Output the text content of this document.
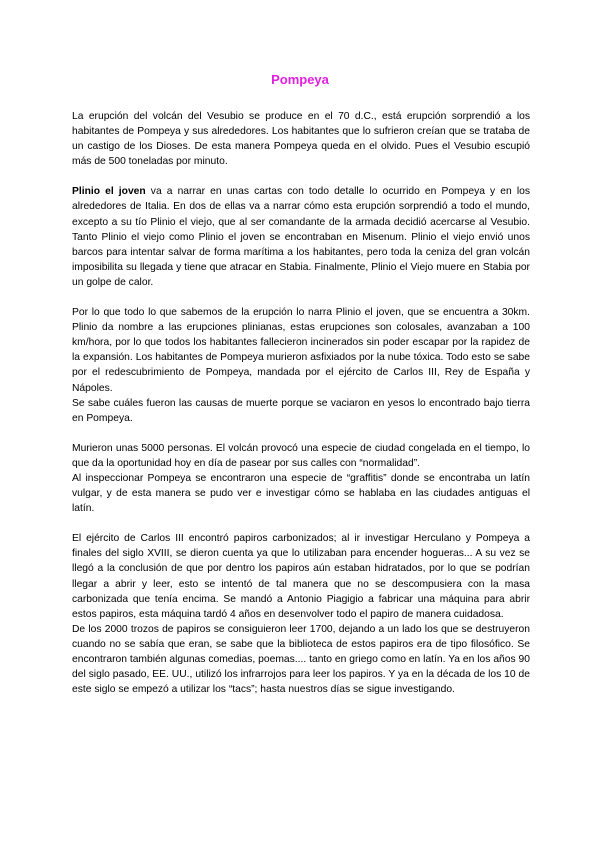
Pompeya

La erupción del volcán del Vesubio se produce en el 70 d.C., está erupción sorprendió a los habitantes de Pompeya y sus alrededores. Los habitantes que lo sufrieron creían que se trataba de un castigo de los Dioses. De esta manera Pompeya queda en el olvido. Pues el Vesubio escupió más de 500 toneladas por minuto.

Plinio el joven va a narrar en unas cartas con todo detalle lo ocurrido en Pompeya y en los alrededores de Italia. En dos de ellas va a narrar cómo esta erupción sorprendió a todo el mundo, excepto a su tío Plinio el viejo, que al ser comandante de la armada decidió acercarse al Vesubio. Tanto Plinio el viejo como Plinio el joven se encontraban en Misenum. Plinio el viejo envió unos barcos para intentar salvar de forma marítima a los habitantes, pero toda la ceniza del gran volcán imposibilita su llegada y tiene que atracar en Stabia. Finalmente, Plinio el Viejo muere en Stabia por un golpe de calor.

Por lo que todo lo que sabemos de la erupción lo narra Plinio el joven, que se encuentra a 30km. Plinio da nombre a las erupciones plinianas, estas erupciones son colosales, avanzaban a 100 km/hora, por lo que todos los habitantes fallecieron incinerados sin poder escapar por la rapidez de la expansión. Los habitantes de Pompeya murieron asfixiados por la nube tóxica. Todo esto se sabe por el redescubrimiento de Pompeya, mandada por el ejército de Carlos III, Rey de España y Nápoles.

Se sabe cuáles fueron las causas de muerte porque se vaciaron en yesos lo encontrado bajo tierra en Pompeya.

Murieron unas 5000 personas. El volcán provocó una especie de ciudad congelada en el tiempo, lo que da la oportunidad hoy en día de pasear por sus calles con “normalidad”.

Al inspeccionar Pompeya se encontraron una especie de “graffitis” donde se encontraba un latín vulgar, y de esta manera se pudo ver e investigar cómo se hablaba en las ciudades antiguas el latín.

El ejército de Carlos III encontró papiros carbonizados; al ir investigar Herculano y Pompeya a finales del siglo XVIII, se dieron cuenta ya que lo utilizaban para encender hogueras... A su vez se llegó a la conclusión de que por dentro los papiros aún estaban hidratados, por lo que se podrían llegar a abrir y leer, esto se intentó de tal manera que no se descompusiera con la masa carbonizada que tenía encima. Se mandó a Antonio Piagigio a fabricar una máquina para abrir estos papiros, esta máquina tardó 4 años en desenvolver todo el papiro de manera cuidadosa.

De los 2000 trozos de papiros se consiguieron leer 1700, dejando a un lado los que se destruyeron cuando no se sabía que eran, se sabe que la biblioteca de estos papiros era de tipo filosófico. Se encontraron también algunas comedias, poemas.... tanto en griego como en latín. Ya en los años 90 del siglo pasado, EE. UU., utilizó los infrarrojos para leer los papiros. Y ya en la década de los 10 de este siglo se empezó a utilizar los “tacs”; hasta nuestros días se sigue investigando.
